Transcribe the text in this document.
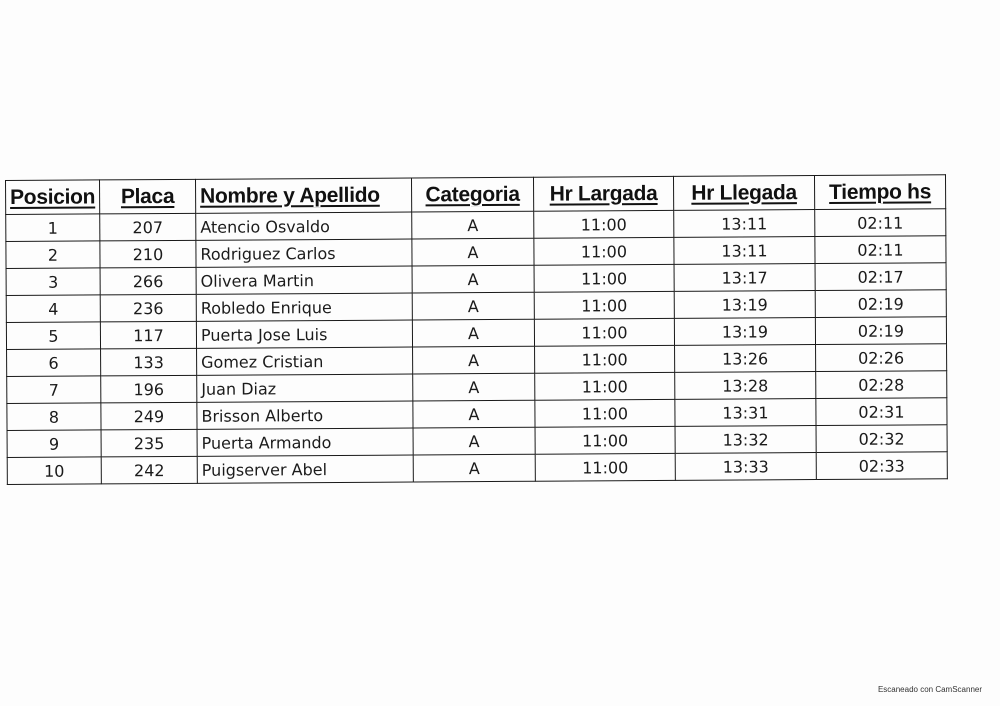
Posicion	Placa	Nombre y Apellido	Categoria	Hr Largada	Hr Llegada	Tiempo hs
1	207	Atencio Osvaldo	A	11:00	13:11	02:11
2	210	Rodriguez Carlos	A	11:00	13:11	02:11
3	266	Olivera Martin	A	11:00	13:17	02:17
4	236	Robledo Enrique	A	11:00	13:19	02:19
5	117	Puerta Jose Luis	A	11:00	13:19	02:19
6	133	Gomez Cristian	A	11:00	13:26	02:26
7	196	Juan Diaz	A	11:00	13:28	02:28
8	249	Brisson Alberto	A	11:00	13:31	02:31
9	235	Puerta Armando	A	11:00	13:32	02:32
10	242	Puigserver Abel	A	11:00	13:33	02:33
Escaneado con CamScanner
